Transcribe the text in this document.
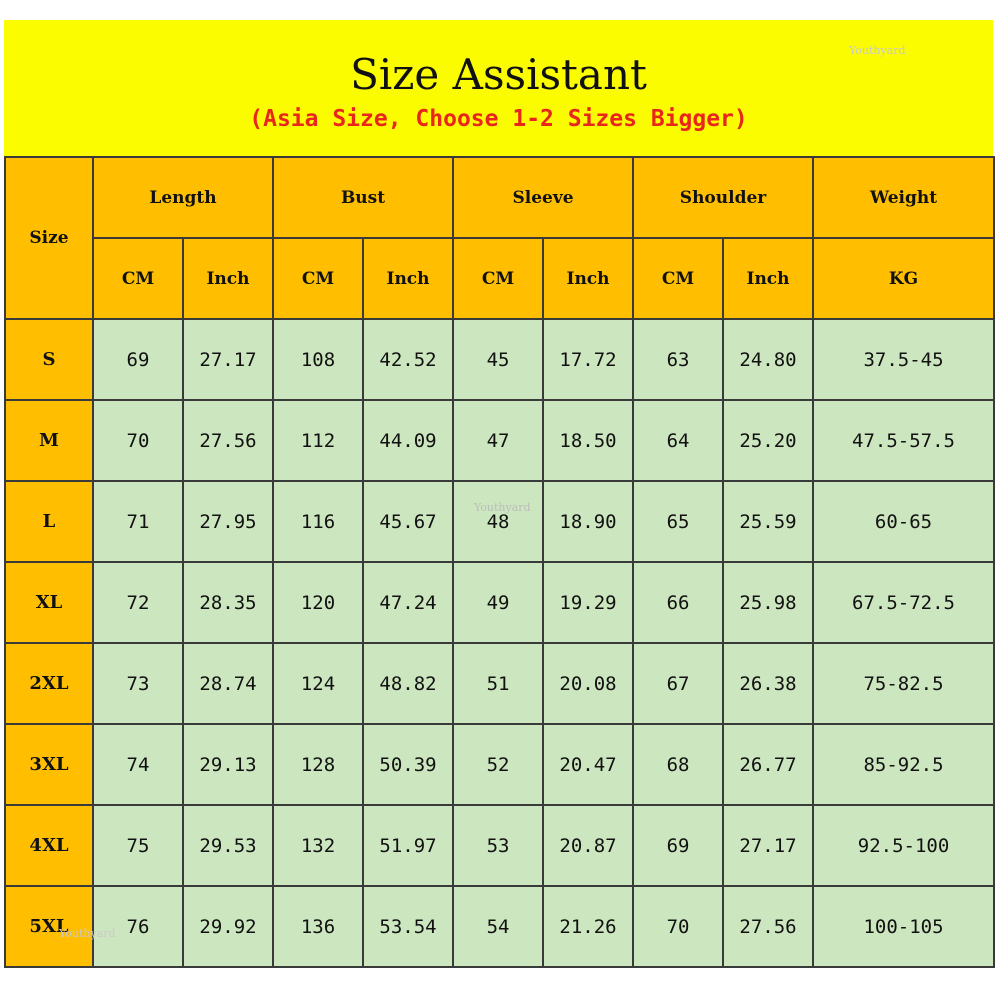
Size Assistant
(Asia Size, Choose 1-2 Sizes Bigger)
Youthyard
Size	Length		Bust		Sleeve		Shoulder		Weight
	CM	Inch	CM	Inch	CM	Inch	CM	Inch	KG
S	69	27.17	108	42.52	45	17.72	63	24.80	37.5-45
M	70	27.56	112	44.09	47	18.50	64	25.20	47.5-57.5
L	71	27.95	116	45.67	48	18.90	65	25.59	60-65
XL	72	28.35	120	47.24	49	19.29	66	25.98	67.5-72.5
2XL	73	28.74	124	48.82	51	20.08	67	26.38	75-82.5
3XL	74	29.13	128	50.39	52	20.47	68	26.77	85-92.5
4XL	75	29.53	132	51.97	53	20.87	69	27.17	92.5-100
5XL	76	29.92	136	53.54	54	21.26	70	27.56	100-105
Youthyard
Youthyard
